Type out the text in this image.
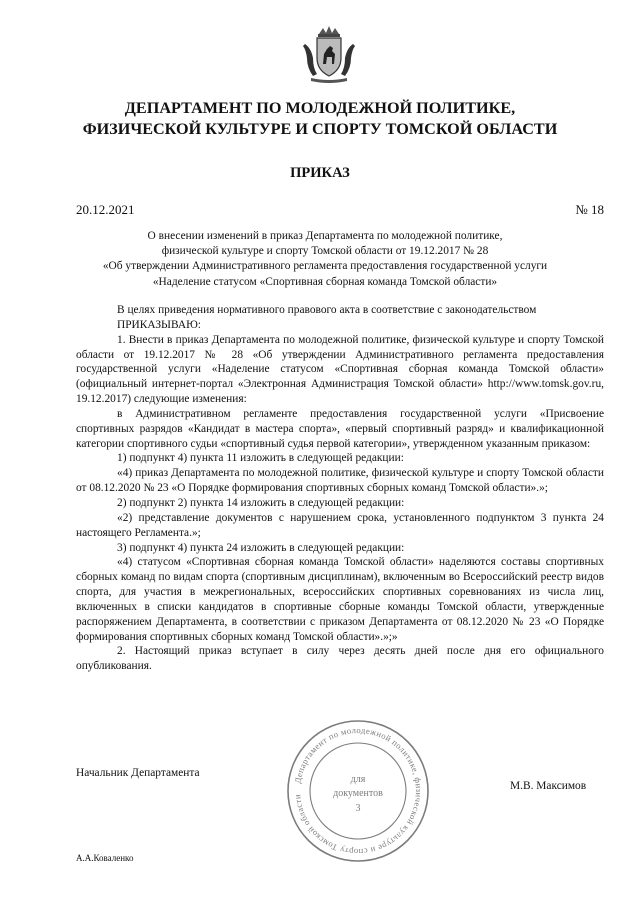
ДЕПАРТАМЕНТ ПО МОЛОДЕЖНОЙ ПОЛИТИКЕ,
ФИЗИЧЕСКОЙ КУЛЬТУРЕ И СПОРТУ ТОМСКОЙ ОБЛАСТИ
ПРИКАЗ
20.12.2021	№ 18
О внесении изменений в приказ Департамента по молодежной политике,
физической культуре и спорту Томской области от 19.12.2017 № 28
«Об утверждении Административного регламента предоставления государственной услуги
«Наделение статусом «Спортивная сборная команда Томской области»

В целях приведения нормативного правового акта в соответствие с законодательством

ПРИКАЗЫВАЮ:

1. Внести в приказ Департамента по молодежной политике, физической культуре и спорту Томской области от 19.12.2017 № 28 «Об утверждении Административного регламента предоставления государственной услуги «Наделение статусом «Спортивная сборная команда Томской области» (официальный интернет-портал «Электронная Администрация Томской области» http://www.tomsk.gov.ru, 19.12.2017) следующие изменения:

в Административном регламенте предоставления государственной услуги «Присвоение спортивных разрядов «Кандидат в мастера спорта», «первый спортивный разряд» и квалификационной категории спортивного судьи «спортивный судья первой категории», утвержденном указанным приказом:

1) подпункт 4) пункта 11 изложить в следующей редакции:

«4) приказ Департамента по молодежной политике, физической культуре и спорту Томской области от 08.12.2020 № 23 «О Порядке формирования спортивных сборных команд Томской области».»;

2) подпункт 2) пункта 14 изложить в следующей редакции:

«2) представление документов с нарушением срока, установленного подпунктом 3 пункта 24 настоящего Регламента.»;

3) подпункт 4) пункта 24 изложить в следующей редакции:

«4) статусом «Спортивная сборная команда Томской области» наделяются составы спортивных сборных команд по видам спорта (спортивным дисциплинам), включенным во Всероссийский реестр видов спорта, для участия в межрегиональных, всероссийских спортивных соревнованиях из числа лиц, включенных в списки кандидатов в спортивные сборные команды Томской области, утвержденные распоряжением Департамента, в соответствии с приказом Департамента от 08.12.2020 № 23 «О Порядке формирования спортивных сборных команд Томской области».»;»

2. Настоящий приказ вступает в силу через десять дней после дня его официального опубликования.

Начальник Департамента
М.В. Максимов
Департамент по молодежной политике, физической культуре и спорту Томской области
для
документов
3
А.А.Коваленко
